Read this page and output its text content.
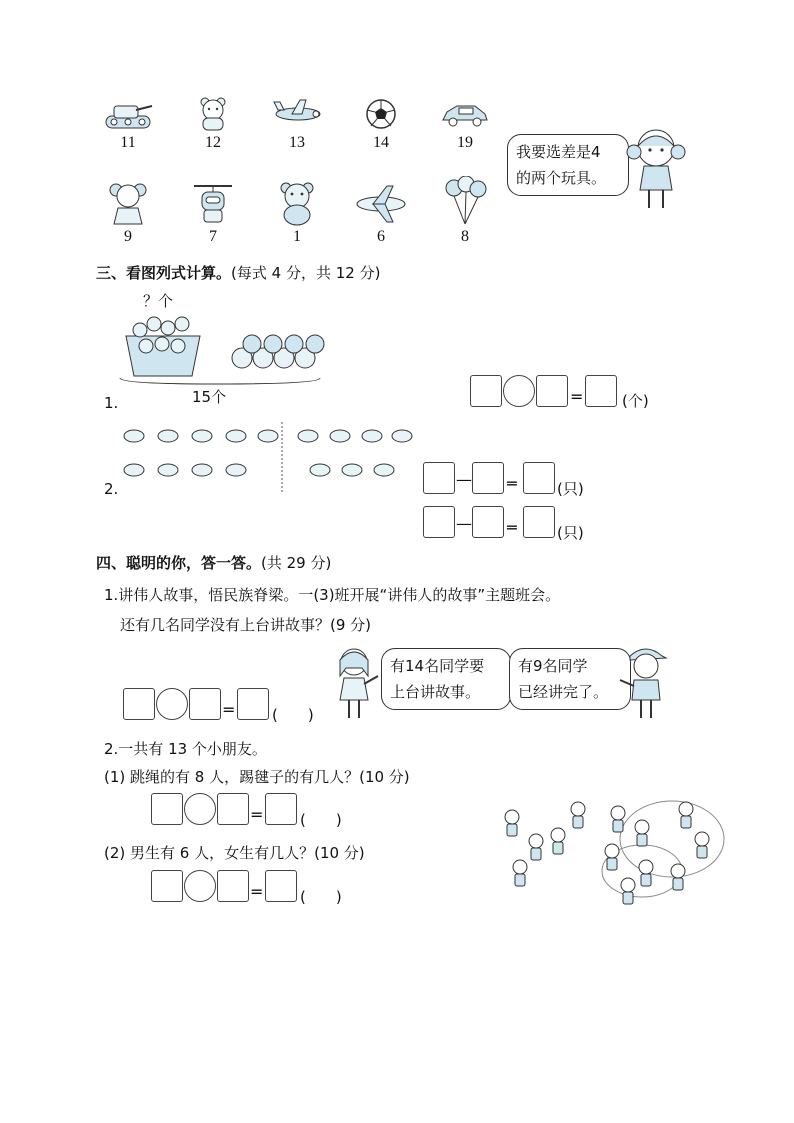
11	12	13	14	19
我要选差是4
的两个玩具。
9	7	1	6	8
三、看图列式计算。(每式 4 分，共 12 分)
？个
15个
1.	=	(个)
2.	— ═	(只)
— ═	(只)
四、聪明的你，答一答。(共 29 分)
1.讲伟人故事，悟民族脊梁。一(3)班开展“讲伟人的故事”主题班会。
还有几名同学没有上台讲故事？(9 分)
= (　　)
有14名同学要
上台讲故事。
有9名同学
已经讲完了。
2.一共有 13 个小朋友。
(1) 跳绳的有 8 人，踢毽子的有几人？(10 分)
= (　　)
(2) 男生有 6 人，女生有几人？(10 分)
= (　　)
